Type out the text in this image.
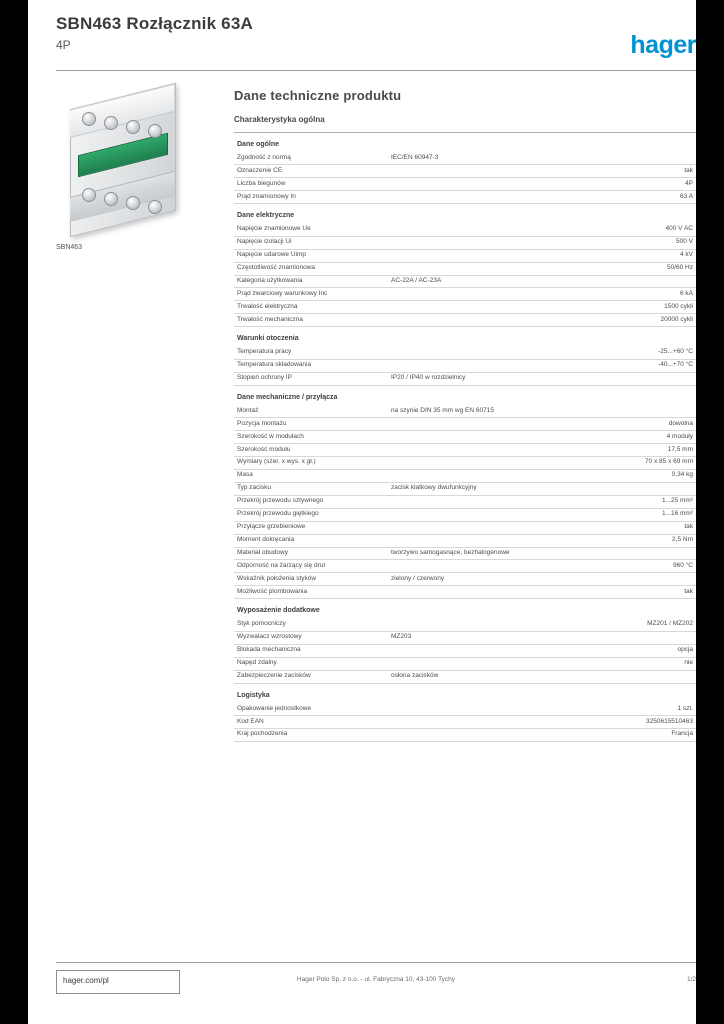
SBN463 Rozłącznik 63A
4P	hager
SBN463
Dane techniczne produktu
Charakterystyka ogólna

Dane ogólne		
Zgodność z normą	IEC/EN 60947-3	
Oznaczenie CE		tak
Liczba biegunów		4P
Prąd znamionowy In		63 A

Dane elektryczne		
Napięcie znamionowe Ue		400 V AC
Napięcie izolacji Ui		500 V
Napięcie udarowe Uimp		4 kV
Częstotliwość znamionowa		50/60 Hz
Kategoria użytkowania	AC-22A / AC-23A	
Prąd zwarciowy warunkowy Inc		6 kA
Trwałość elektryczna		1500 cykli
Trwałość mechaniczna		20000 cykli

Warunki otoczenia		
Temperatura pracy		-25...+60 °C
Temperatura składowania		-40...+70 °C
Stopień ochrony IP	IP20 / IP40 w rozdzielnicy	

Dane mechaniczne / przyłącza		
Montaż	na szynie DIN 35 mm wg EN 60715	
Pozycja montażu		dowolna
Szerokość w modułach		4 moduły
Szerokość modułu		17,5 mm
Wymiary (szer. x wys. x gł.)		70 x 85 x 69 mm
Masa		0,34 kg
Typ zacisku	zacisk klatkowy dwufunkcyjny	
Przekrój przewodu sztywnego		1...25 mm²
Przekrój przewodu giętkiego		1...16 mm²
Przyłącze grzebieniowe		tak
Moment dokręcania		2,5 Nm
Materiał obudowy	tworzywo samogasnące, bezhalogenowe	
Odporność na żarzący się drut		960 °C
Wskaźnik położenia styków	zielony / czerwony	
Możliwość plombowania		tak

Wyposażenie dodatkowe		
Styk pomocniczy		MZ201 / MZ202
Wyzwalacz wzrostowy	MZ203	
Blokada mechaniczna		opcja
Napęd zdalny		nie
Zabezpieczenie zacisków	osłona zacisków	

Logistyka		
Opakowanie jednostkowe		1 szt.
Kod EAN		3250615510463
Kraj pochodzenia		Francja
hager.com/pl	Hager Polo Sp. z o.o. - ul. Fabryczna 10, 43-100 Tychy	1/2
